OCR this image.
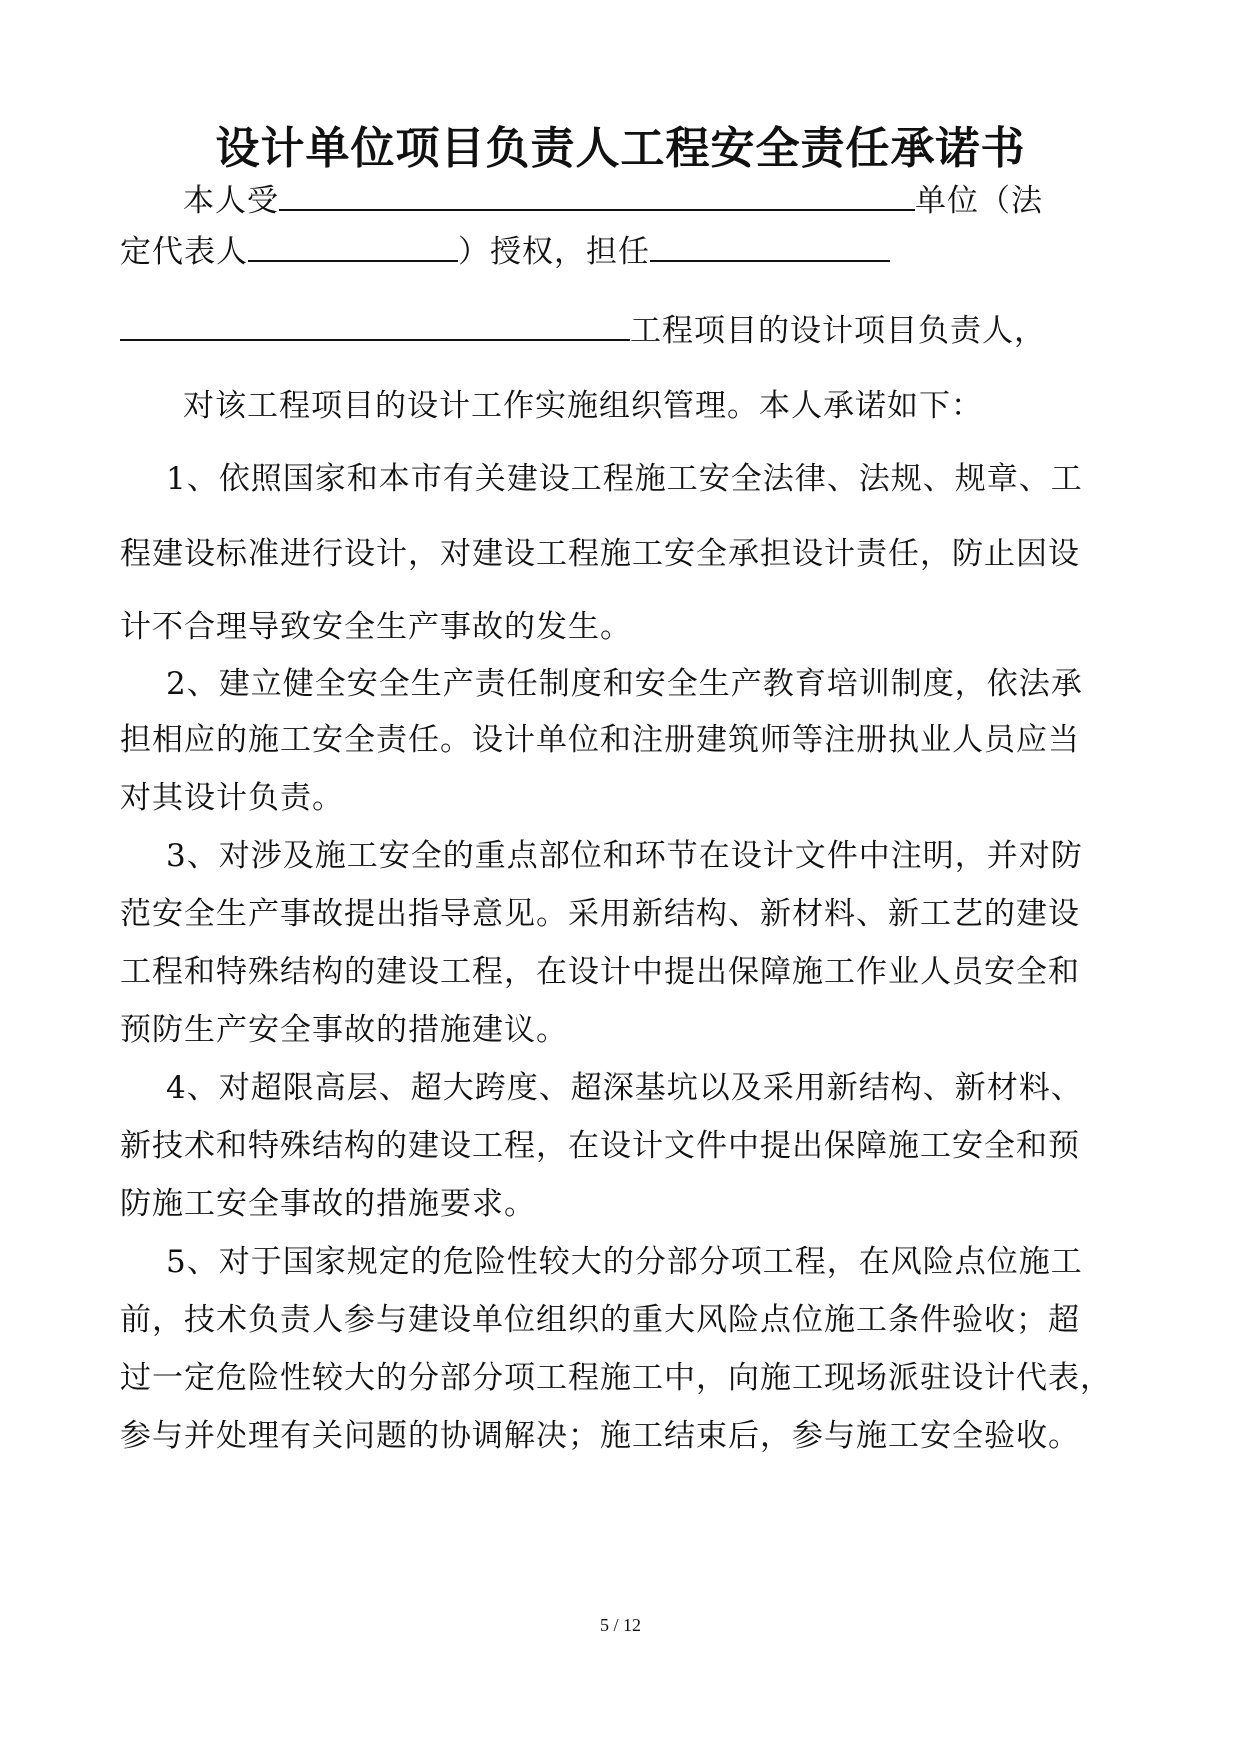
设计单位项目负责人工程安全责任承诺书
本人受	单位（法
定代表人	）授权，担任
工程项目的设计项目负责人，
对该工程项目的设计工作实施组织管理。本人承诺如下：
1、依照国家和本市有关建设工程施工安全法律、法规、规章、工
程建设标准进行设计，对建设工程施工安全承担设计责任，防止因设
计不合理导致安全生产事故的发生。
2、建立健全安全生产责任制度和安全生产教育培训制度，依法承
担相应的施工安全责任。设计单位和注册建筑师等注册执业人员应当
对其设计负责。
3、对涉及施工安全的重点部位和环节在设计文件中注明，并对防
范安全生产事故提出指导意见。采用新结构、新材料、新工艺的建设
工程和特殊结构的建设工程，在设计中提出保障施工作业人员安全和
预防生产安全事故的措施建议。
4、对超限高层、超大跨度、超深基坑以及采用新结构、新材料、
新技术和特殊结构的建设工程，在设计文件中提出保障施工安全和预
防施工安全事故的措施要求。
5、对于国家规定的危险性较大的分部分项工程，在风险点位施工
前，技术负责人参与建设单位组织的重大风险点位施工条件验收；超
过一定危险性较大的分部分项工程施工中，向施工现场派驻设计代表，
参与并处理有关问题的协调解决；施工结束后，参与施工安全验收。
5 / 12
